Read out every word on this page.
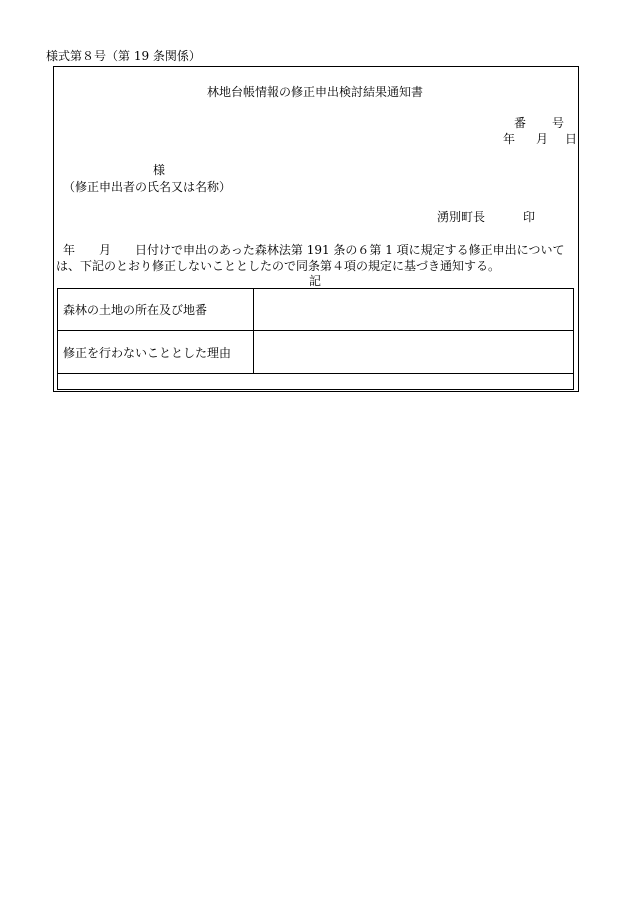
様式第８号（第 19 条関係）
林地台帳情報の修正申出検討結果通知書
番 号
年 月 日
様
（修正申出者の氏名又は名称）
湧別町長	印
年　　月　　日付けで申出のあった森林法第 191 条の６第 1 項に規定する修正申出について
は、下記のとおり修正しないこととしたので同条第４項の規定に基づき通知する。
記
森林の土地の所在及び地番	
修正を行わないこととした理由	
